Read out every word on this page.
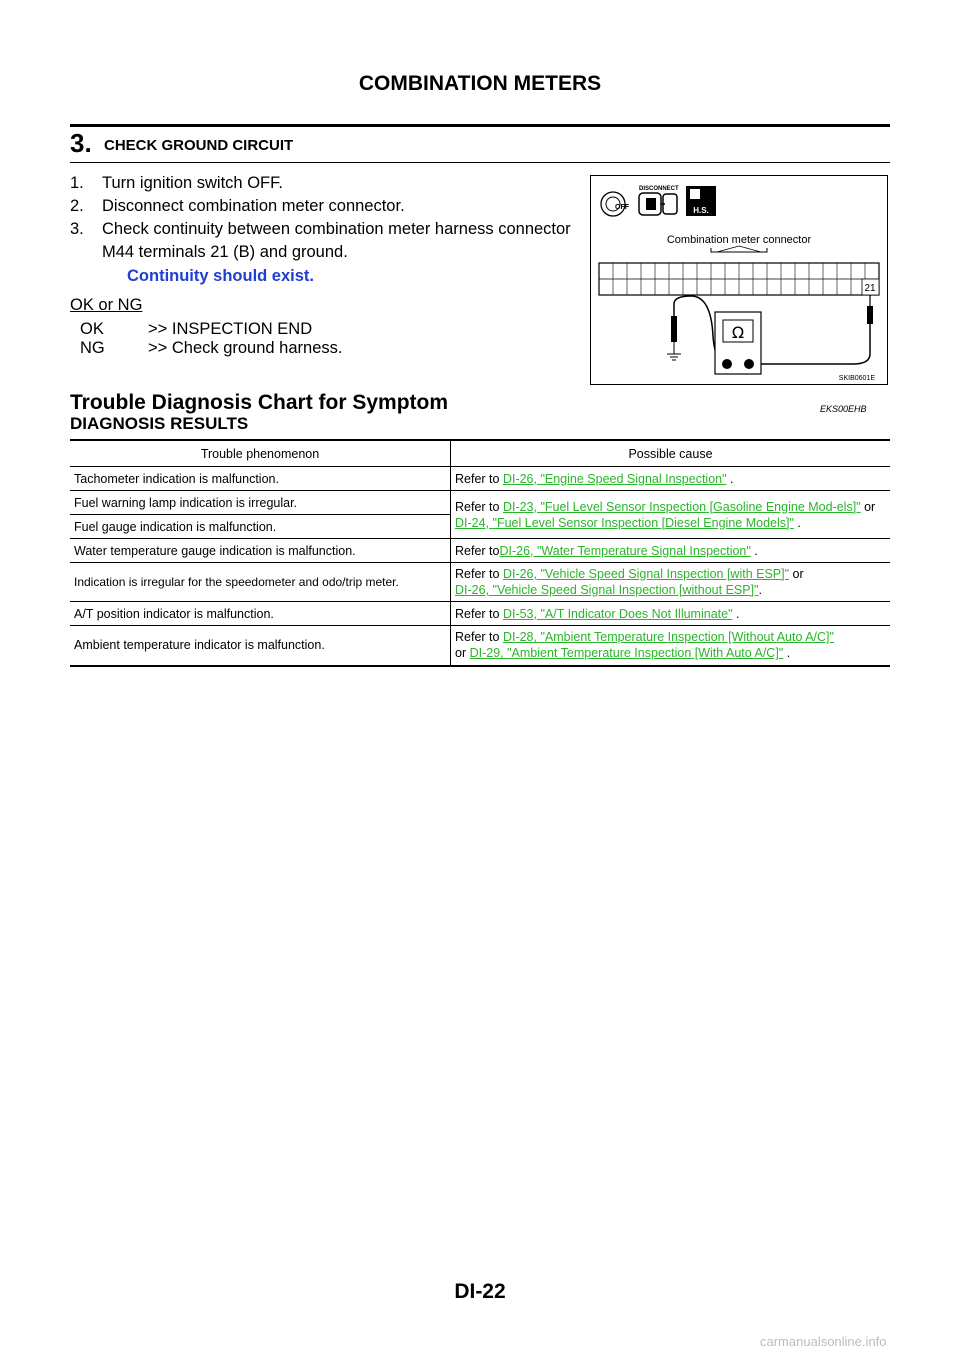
COMBINATION METERS
3. CHECK GROUND CIRCUIT
1. Turn ignition switch OFF.
2. Disconnect combination meter connector.
3. Check continuity between combination meter harness connector
M44 terminals 21 (B) and ground.
Continuity should exist.
OK or NG
OK	>> INSPECTION END
NG	>> Check ground harness.
OFF
DISCONNECT
H.S.
Combination meter connector
21
Ω
SKIB0601E
Trouble Diagnosis Chart for Symptom	EKS00EHB
DIAGNOSIS RESULTS
Trouble phenomenon	Possible cause
Tachometer indication is malfunction.	Refer to DI-26, "Engine Speed Signal Inspection" .
Fuel warning lamp indication is irregular.	Refer to DI-23, "Fuel Level Sensor Inspection [Gasoline Engine Mod-els]" or DI-24, "Fuel Level Sensor Inspection [Diesel Engine Models]" .
Fuel gauge indication is malfunction.	
Water temperature gauge indication is malfunction.	Refer toDI-26, "Water Temperature Signal Inspection" .
Indication is irregular for the speedometer and odo/trip meter.	Refer to DI-26, "Vehicle Speed Signal Inspection [with ESP]" or
DI-26, "Vehicle Speed Signal Inspection [without ESP]".
A/T position indicator is malfunction.	Refer to DI-53, "A/T Indicator Does Not Illuminate" .
Ambient temperature indicator is malfunction.	Refer to DI-28, "Ambient Temperature Inspection [Without Auto A/C]"
or DI-29, "Ambient Temperature Inspection [With Auto A/C]" .
DI-22
carmanualsonline.info
